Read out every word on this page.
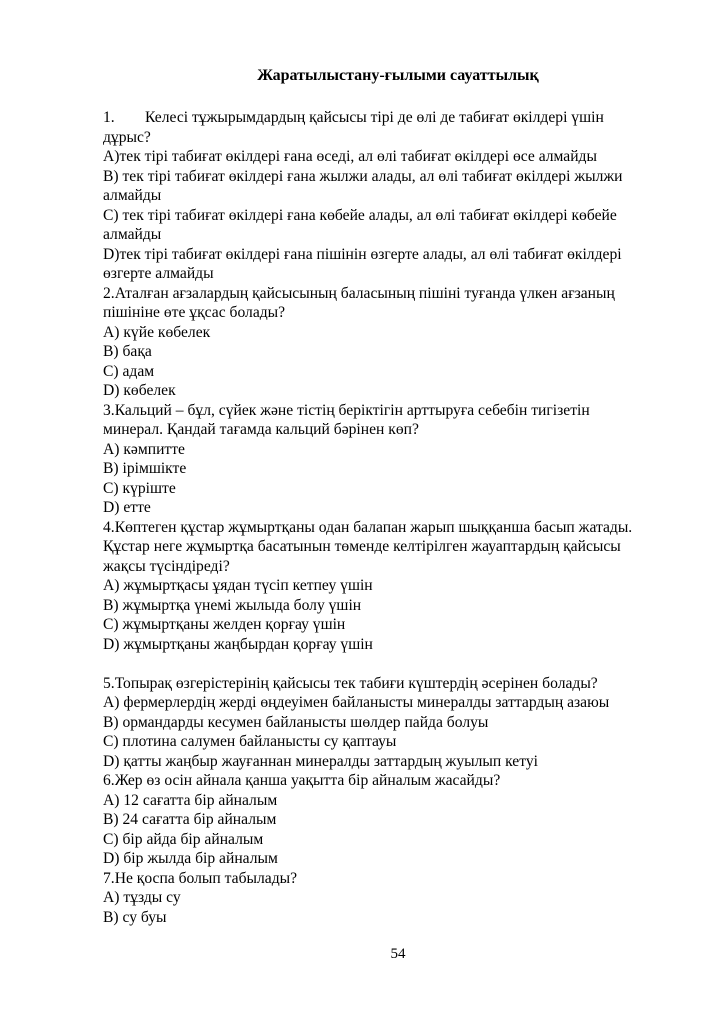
Жаратылыстану-ғылыми сауаттылық
1. Келесі тұжырымдардың қайсысы тірі де өлі де табиғат өкілдері үшін
дұрыс?
A)тек тірі табиғат өкілдері ғана өседі, ал өлі табиғат өкілдері өсе алмайды
B) тек тірі табиғат өкілдері ғана жылжи алады, ал өлі табиғат өкілдері жылжи
алмайды
C) тек тірі табиғат өкілдері ғана көбейе алады, ал өлі табиғат өкілдері көбейе
алмайды
D)тек тірі табиғат өкілдері ғана пішінін өзгерте алады, ал өлі табиғат өкілдері
өзгерте алмайды
2.Аталған ағзалардың қайсысының баласының пішіні туғанда үлкен ағзаның
пішініне өте ұқсас болады?
A) күйе көбелек
B) бақа
C) адам
D) көбелек
3.Кальций – бұл, сүйек және тістің беріктігін арттыруға себебін тигізетін
минерал. Қандай тағамда кальций бәрінен көп?
A) кәмпитте
B) ірімшікте
C) күріште
D) етте
4.Көптеген құстар жұмыртқаны одан балапан жарып шыққанша басып жатады.
Құстар неге жұмыртқа басатынын төменде келтірілген жауаптардың қайсысы
жақсы түсіндіреді?
A) жұмыртқасы ұядан түсіп кетпеу үшін
B) жұмыртқа үнемі жылыда болу үшін
C) жұмыртқаны желден қорғау үшін
D) жұмыртқаны жаңбырдан қорғау үшін
5.Топырақ өзгерістерінің қайсысы тек табиғи күштердің әсерінен болады?
A) фермерлердің жерді өңдеуімен байланысты минералды заттардың азаюы
B) ормандарды кесумен байланысты шөлдер пайда болуы
C) плотина салумен байланысты су қаптауы
D) қатты жаңбыр жауғаннан минералды заттардың жуылып кетуі
6.Жер өз осін айнала қанша уақытта бір айналым жасайды?
A) 12 сағатта бір айналым
B) 24 сағатта бір айналым
C) бір айда бір айналым
D) бір жылда бір айналым
7.Не қоспа болып табылады?
A) тұзды су
B) су буы
54
